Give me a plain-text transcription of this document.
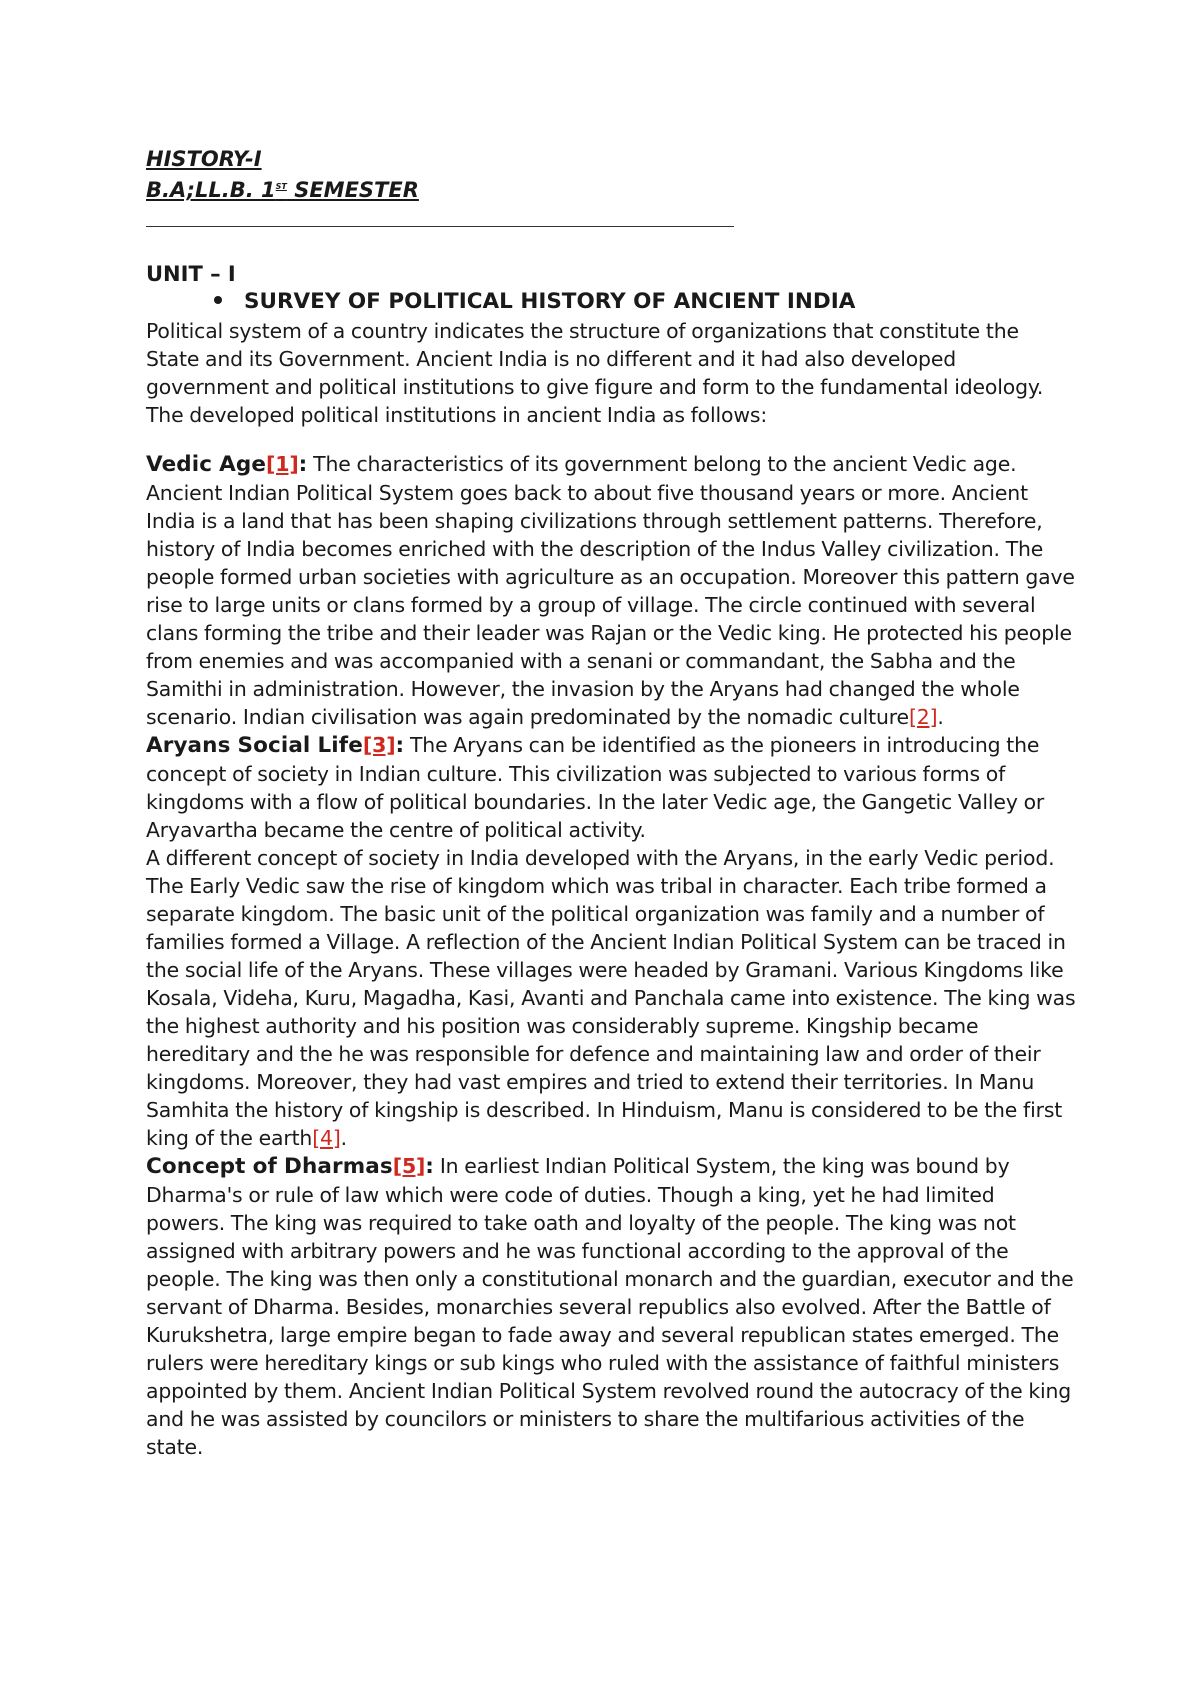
HISTORY-I
B.A;LL.B. 1ST SEMESTER
UNIT – I
SURVEY OF POLITICAL HISTORY OF ANCIENT INDIA
Political system of a country indicates the structure of organizations that constitute the State and its Government. Ancient India is no different and it had also developed government and political institutions to give figure and form to the fundamental ideology. The developed political institutions in ancient India as follows:
Vedic Age[1]: The characteristics of its government belong to the ancient Vedic age. Ancient Indian Political System goes back to about five thousand years or more. Ancient India is a land that has been shaping civilizations through settlement patterns. Therefore, history of India becomes enriched with the description of the Indus Valley civilization. The people formed urban societies with agriculture as an occupation. Moreover this pattern gave rise to large units or clans formed by a group of village. The circle continued with several clans forming the tribe and their leader was Rajan or the Vedic king. He protected his people from enemies and was accompanied with a senani or commandant, the Sabha and the Samithi in administration. However, the invasion by the Aryans had changed the whole scenario. Indian civilisation was again predominated by the nomadic culture[2].
Aryans Social Life[3]: The Aryans can be identified as the pioneers in introducing the concept of society in Indian culture. This civilization was subjected to various forms of kingdoms with a flow of political boundaries. In the later Vedic age, the Gangetic Valley or Aryavartha became the centre of political activity.
A different concept of society in India developed with the Aryans, in the early Vedic period. The Early Vedic saw the rise of kingdom which was tribal in character. Each tribe formed a separate kingdom. The basic unit of the political organization was family and a number of families formed a Village. A reflection of the Ancient Indian Political System can be traced in the social life of the Aryans. These villages were headed by Gramani. Various Kingdoms like Kosala, Videha, Kuru, Magadha, Kasi, Avanti and Panchala came into existence. The king was the highest authority and his position was considerably supreme. Kingship became hereditary and the he was responsible for defence and maintaining law and order of their kingdoms. Moreover, they had vast empires and tried to extend their territories. In Manu Samhita the history of kingship is described. In Hinduism, Manu is considered to be the first king of the earth[4].
Concept of Dharmas[5]: In earliest Indian Political System, the king was bound by Dharma's or rule of law which were code of duties. Though a king, yet he had limited powers. The king was required to take oath and loyalty of the people. The king was not assigned with arbitrary powers and he was functional according to the approval of the people. The king was then only a constitutional monarch and the guardian, executor and the servant of Dharma. Besides, monarchies several republics also evolved. After the Battle of Kurukshetra, large empire began to fade away and several republican states emerged. The rulers were hereditary kings or sub kings who ruled with the assistance of faithful ministers appointed by them. Ancient Indian Political System revolved round the autocracy of the king and he was assisted by councilors or ministers to share the multifarious activities of the state.
